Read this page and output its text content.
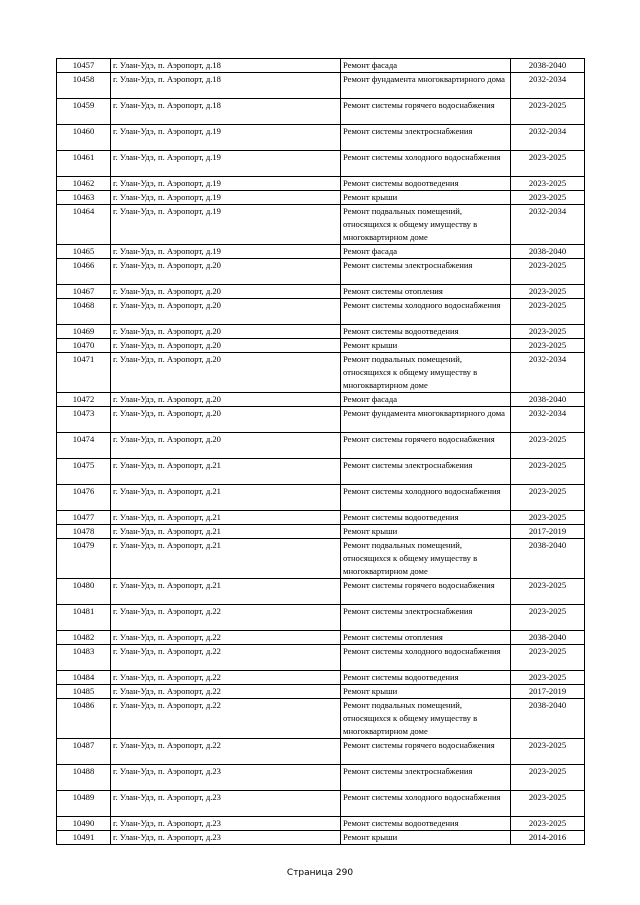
10457	г. Улан-Удэ, п. Аэропорт, д.18	Ремонт фасада	2038-2040
10458	г. Улан-Удэ, п. Аэропорт, д.18	Ремонт фундамента многоквартирного дома	2032-2034
10459	г. Улан-Удэ, п. Аэропорт, д.18	Ремонт системы горячего водоснабжения	2023-2025
10460	г. Улан-Удэ, п. Аэропорт, д.19	Ремонт системы электроснабжения	2032-2034
10461	г. Улан-Удэ, п. Аэропорт, д.19	Ремонт системы холодного водоснабжения	2023-2025
10462	г. Улан-Удэ, п. Аэропорт, д.19	Ремонт системы водоотведения	2023-2025
10463	г. Улан-Удэ, п. Аэропорт, д.19	Ремонт крыши	2023-2025
10464	г. Улан-Удэ, п. Аэропорт, д.19	Ремонт подвальных помещений, относящихся к общему имуществу в многоквартирном доме	2032-2034
10465	г. Улан-Удэ, п. Аэропорт, д.19	Ремонт фасада	2038-2040
10466	г. Улан-Удэ, п. Аэропорт, д.20	Ремонт системы электроснабжения	2023-2025
10467	г. Улан-Удэ, п. Аэропорт, д.20	Ремонт системы отопления	2023-2025
10468	г. Улан-Удэ, п. Аэропорт, д.20	Ремонт системы холодного водоснабжения	2023-2025
10469	г. Улан-Удэ, п. Аэропорт, д.20	Ремонт системы водоотведения	2023-2025
10470	г. Улан-Удэ, п. Аэропорт, д.20	Ремонт крыши	2023-2025
10471	г. Улан-Удэ, п. Аэропорт, д.20	Ремонт подвальных помещений, относящихся к общему имуществу в многоквартирном доме	2032-2034
10472	г. Улан-Удэ, п. Аэропорт, д.20	Ремонт фасада	2038-2040
10473	г. Улан-Удэ, п. Аэропорт, д.20	Ремонт фундамента многоквартирного дома	2032-2034
10474	г. Улан-Удэ, п. Аэропорт, д.20	Ремонт системы горячего водоснабжения	2023-2025
10475	г. Улан-Удэ, п. Аэропорт, д.21	Ремонт системы электроснабжения	2023-2025
10476	г. Улан-Удэ, п. Аэропорт, д.21	Ремонт системы холодного водоснабжения	2023-2025
10477	г. Улан-Удэ, п. Аэропорт, д.21	Ремонт системы водоотведения	2023-2025
10478	г. Улан-Удэ, п. Аэропорт, д.21	Ремонт крыши	2017-2019
10479	г. Улан-Удэ, п. Аэропорт, д.21	Ремонт подвальных помещений, относящихся к общему имуществу в многоквартирном доме	2038-2040
10480	г. Улан-Удэ, п. Аэропорт, д.21	Ремонт системы горячего водоснабжения	2023-2025
10481	г. Улан-Удэ, п. Аэропорт, д.22	Ремонт системы электроснабжения	2023-2025
10482	г. Улан-Удэ, п. Аэропорт, д.22	Ремонт системы отопления	2038-2040
10483	г. Улан-Удэ, п. Аэропорт, д.22	Ремонт системы холодного водоснабжения	2023-2025
10484	г. Улан-Удэ, п. Аэропорт, д.22	Ремонт системы водоотведения	2023-2025
10485	г. Улан-Удэ, п. Аэропорт, д.22	Ремонт крыши	2017-2019
10486	г. Улан-Удэ, п. Аэропорт, д.22	Ремонт подвальных помещений, относящихся к общему имуществу в многоквартирном доме	2038-2040
10487	г. Улан-Удэ, п. Аэропорт, д.22	Ремонт системы горячего водоснабжения	2023-2025
10488	г. Улан-Удэ, п. Аэропорт, д.23	Ремонт системы электроснабжения	2023-2025
10489	г. Улан-Удэ, п. Аэропорт, д.23	Ремонт системы холодного водоснабжения	2023-2025
10490	г. Улан-Удэ, п. Аэропорт, д.23	Ремонт системы водоотведения	2023-2025
10491	г. Улан-Удэ, п. Аэропорт, д.23	Ремонт крыши	2014-2016
Страница 290
